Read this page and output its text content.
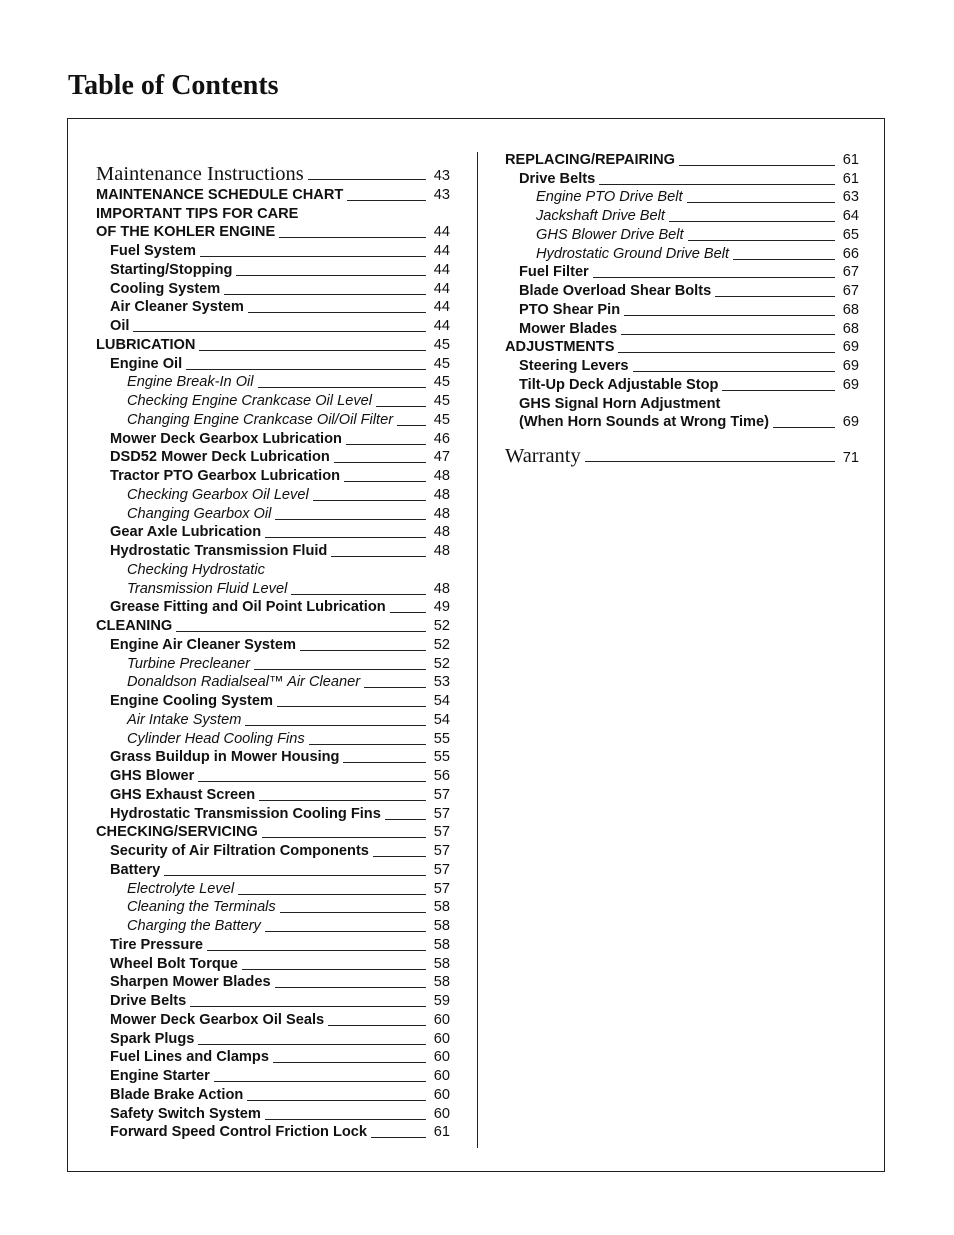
Table of Contents
Maintenance Instructions	43
MAINTENANCE SCHEDULE CHART	43
IMPORTANT TIPS FOR CARE
OF THE KOHLER ENGINE	44
Fuel System	44
Starting/Stopping	44
Cooling System	44
Air Cleaner System	44
Oil	44
LUBRICATION	45
Engine Oil	45
Engine Break-In Oil	45
Checking Engine Crankcase Oil Level	45
Changing Engine Crankcase Oil/Oil Filter	45
Mower Deck Gearbox Lubrication	46
DSD52 Mower Deck Lubrication	47
Tractor PTO Gearbox Lubrication	48
Checking Gearbox Oil Level	48
Changing Gearbox Oil	48
Gear Axle Lubrication	48
Hydrostatic Transmission Fluid	48
Checking Hydrostatic
Transmission Fluid Level	48
Grease Fitting and Oil Point Lubrication	49
CLEANING	52
Engine Air Cleaner System	52
Turbine Precleaner	52
Donaldson Radialseal™ Air Cleaner	53
Engine Cooling System	54
Air Intake System	54
Cylinder Head Cooling Fins	55
Grass Buildup in Mower Housing	55
GHS Blower	56
GHS Exhaust Screen	57
Hydrostatic Transmission Cooling Fins	57
CHECKING/SERVICING	57
Security of Air Filtration Components	57
Battery	57
Electrolyte Level	57
Cleaning the Terminals	58
Charging the Battery	58
Tire Pressure	58
Wheel Bolt Torque	58
Sharpen Mower Blades	58
Drive Belts	59
Mower Deck Gearbox Oil Seals	60
Spark Plugs	60
Fuel Lines and Clamps	60
Engine Starter	60
Blade Brake Action	60
Safety Switch System	60
Forward Speed Control Friction Lock	61
REPLACING/REPAIRING	61
Drive Belts	61
Engine PTO Drive Belt	63
Jackshaft Drive Belt	64
GHS Blower Drive Belt	65
Hydrostatic Ground Drive Belt	66
Fuel Filter	67
Blade Overload Shear Bolts	67
PTO Shear Pin	68
Mower Blades	68
ADJUSTMENTS	69
Steering Levers	69
Tilt-Up Deck Adjustable Stop	69
GHS Signal Horn Adjustment
(When Horn Sounds at Wrong Time)	69
Warranty	71
